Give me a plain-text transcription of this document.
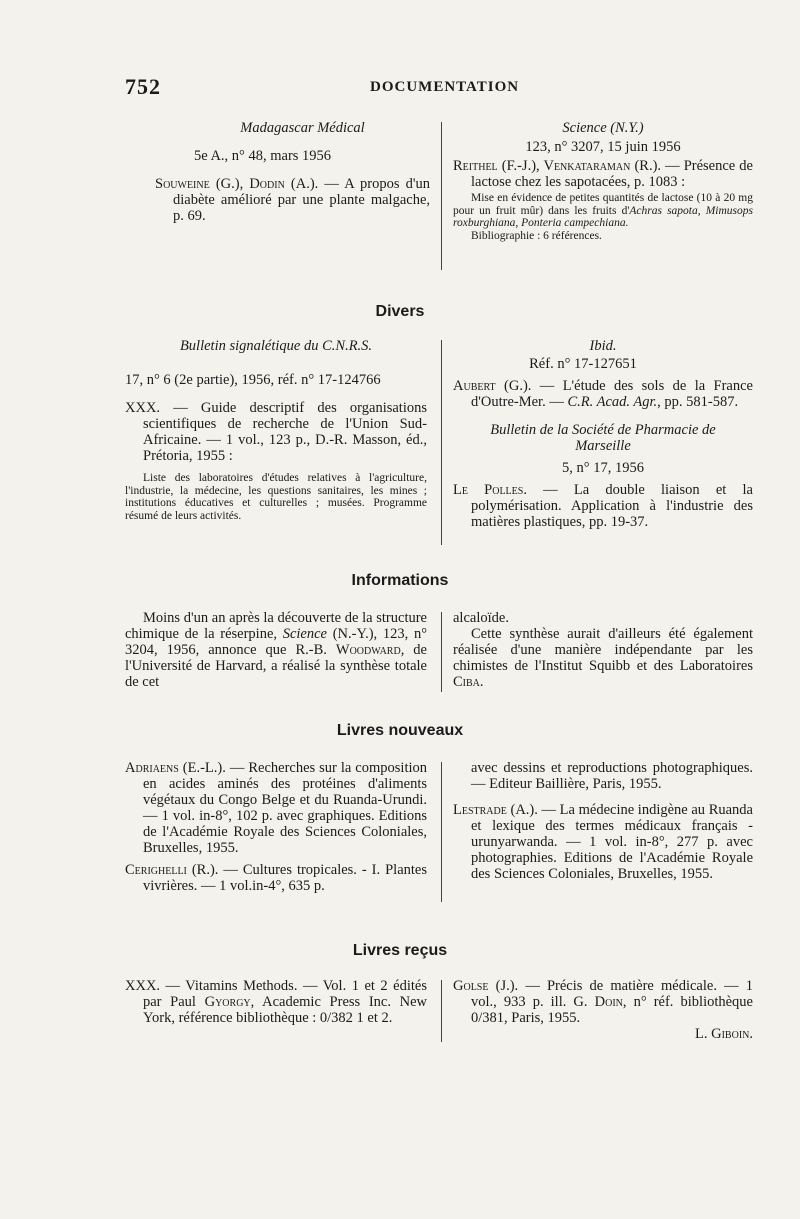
752	DOCUMENTATION

Madagascar Médical

5e A., n° 48, mars 1956

Souweine (G.), Dodin (A.). — A propos d'un diabète amélioré par une plante malgache, p. 69.

Science (N.Y.)

123, n° 3207, 15 juin 1956

Reithel (F.-J.), Venkataraman (R.). — Présence de lactose chez les sapotacées, p. 1083 :

Mise en évidence de petites quantités de lactose (10 à 20 mg pour un fruit mûr) dans les fruits d'Achras sapota, Mimusops roxburghiana, Ponteria campechiana.

Bibliographie : 6 références.

Divers

Bulletin signalétique du C.N.R.S.

17, n° 6 (2e partie), 1956, réf. n° 17-124766

XXX. — Guide descriptif des organisations scientifiques de recherche de l'Union Sud-Africaine. — 1 vol., 123 p., D.-R. Masson, éd., Prétoria, 1955 :

Liste des laboratoires d'études relatives à l'agriculture, l'industrie, la médecine, les questions sanitaires, les mines ; institutions éducatives et culturelles ; musées. Programme résumé de leurs activités.

Ibid.

Réf. n° 17-127651

Aubert (G.). — L'étude des sols de la France d'Outre-Mer. — C.R. Acad. Agr., pp. 581-587.

Bulletin de la Société de Pharmacie de Marseille

5, n° 17, 1956

Le Polles. — La double liaison et la polymérisation. Application à l'industrie des matières plastiques, pp. 19-37.

Informations

Moins d'un an après la découverte de la structure chimique de la réserpine, Science (N.-Y.), 123, n° 3204, 1956, annonce que R.-B. Woodward, de l'Université de Harvard, a réalisé la synthèse totale de cet

alcaloïde.

Cette synthèse aurait d'ailleurs été également réalisée d'une manière indépendante par les chimistes de l'Institut Squibb et des Laboratoires Ciba.

Livres nouveaux

Adriaens (E.-L.). — Recherches sur la composition en acides aminés des protéines d'aliments végétaux du Congo Belge et du Ruanda-Urundi. — 1 vol. in-8°, 102 p. avec graphiques. Editions de l'Académie Royale des Sciences Coloniales, Bruxelles, 1955.

Cerighelli (R.). — Cultures tropicales. - I. Plantes vivrières. — 1 vol.in-4°, 635 p.

avec dessins et reproductions photographiques. — Editeur Baillière, Paris, 1955.

Lestrade (A.). — La médecine indigène au Ruanda et lexique des termes médicaux français - urunyarwanda. — 1 vol. in-8°, 277 p. avec photographies. Editions de l'Académie Royale des Sciences Coloniales, Bruxelles, 1955.

Livres reçus

XXX. — Vitamins Methods. — Vol. 1 et 2 édités par Paul Gyorgy, Academic Press Inc. New York, référence bibliothèque : 0/382 1 et 2.

Golse (J.). — Précis de matière médicale. — 1 vol., 933 p. ill. G. Doin, n° réf. bibliothèque 0/381, Paris, 1955.

L. Giboin.
